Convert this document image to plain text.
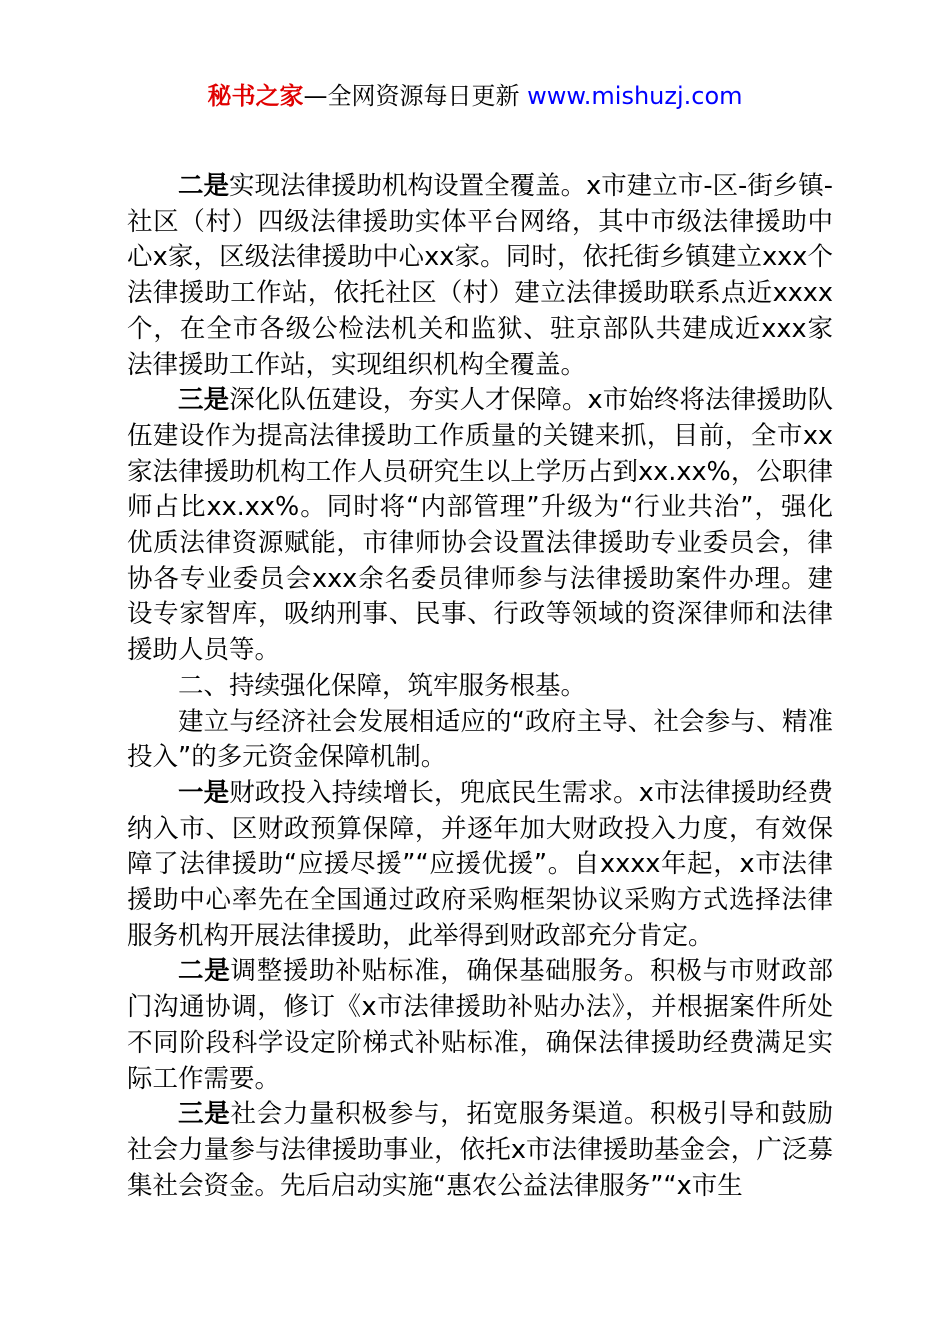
秘书之家—全网资源每日更新 www.mishuzj.com

二是实现法律援助机构设置全覆盖。x市建立市-区-街乡镇-社区（村）四级法律援助实体平台网络，其中市级法律援助中心x家，区级法律援助中心xx家。同时，依托街乡镇建立xxx个法律援助工作站，依托社区（村）建立法律援助联系点近xxxx个，在全市各级公检法机关和监狱、驻京部队共建成近xxx家法律援助工作站，实现组织机构全覆盖。

三是深化队伍建设，夯实人才保障。x市始终将法律援助队伍建设作为提高法律援助工作质量的关键来抓，目前，全市xx家法律援助机构工作人员研究生以上学历占到xx.xx%，公职律师占比xx.xx%。同时将“内部管理”升级为“行业共治”，强化优质法律资源赋能，市律师协会设置法律援助专业委员会，律协各专业委员会xxx余名委员律师参与法律援助案件办理。建设专家智库，吸纳刑事、民事、行政等领域的资深律师和法律援助人员等。

二、持续强化保障，筑牢服务根基。

建立与经济社会发展相适应的“政府主导、社会参与、精准投入”的多元资金保障机制。

一是财政投入持续增长，兜底民生需求。x市法律援助经费纳入市、区财政预算保障，并逐年加大财政投入力度，有效保障了法律援助“应援尽援”“应援优援”。自xxxx年起，x市法律援助中心率先在全国通过政府采购框架协议采购方式选择法律服务机构开展法律援助，此举得到财政部充分肯定。

二是调整援助补贴标准，确保基础服务。积极与市财政部门沟通协调，修订《x市法律援助补贴办法》，并根据案件所处不同阶段科学设定阶梯式补贴标准，确保法律援助经费满足实际工作需要。

三是社会力量积极参与，拓宽服务渠道。积极引导和鼓励社会力量参与法律援助事业，依托x市法律援助基金会，广泛募集社会资金。先后启动实施“惠农公益法律服务”“x市生
